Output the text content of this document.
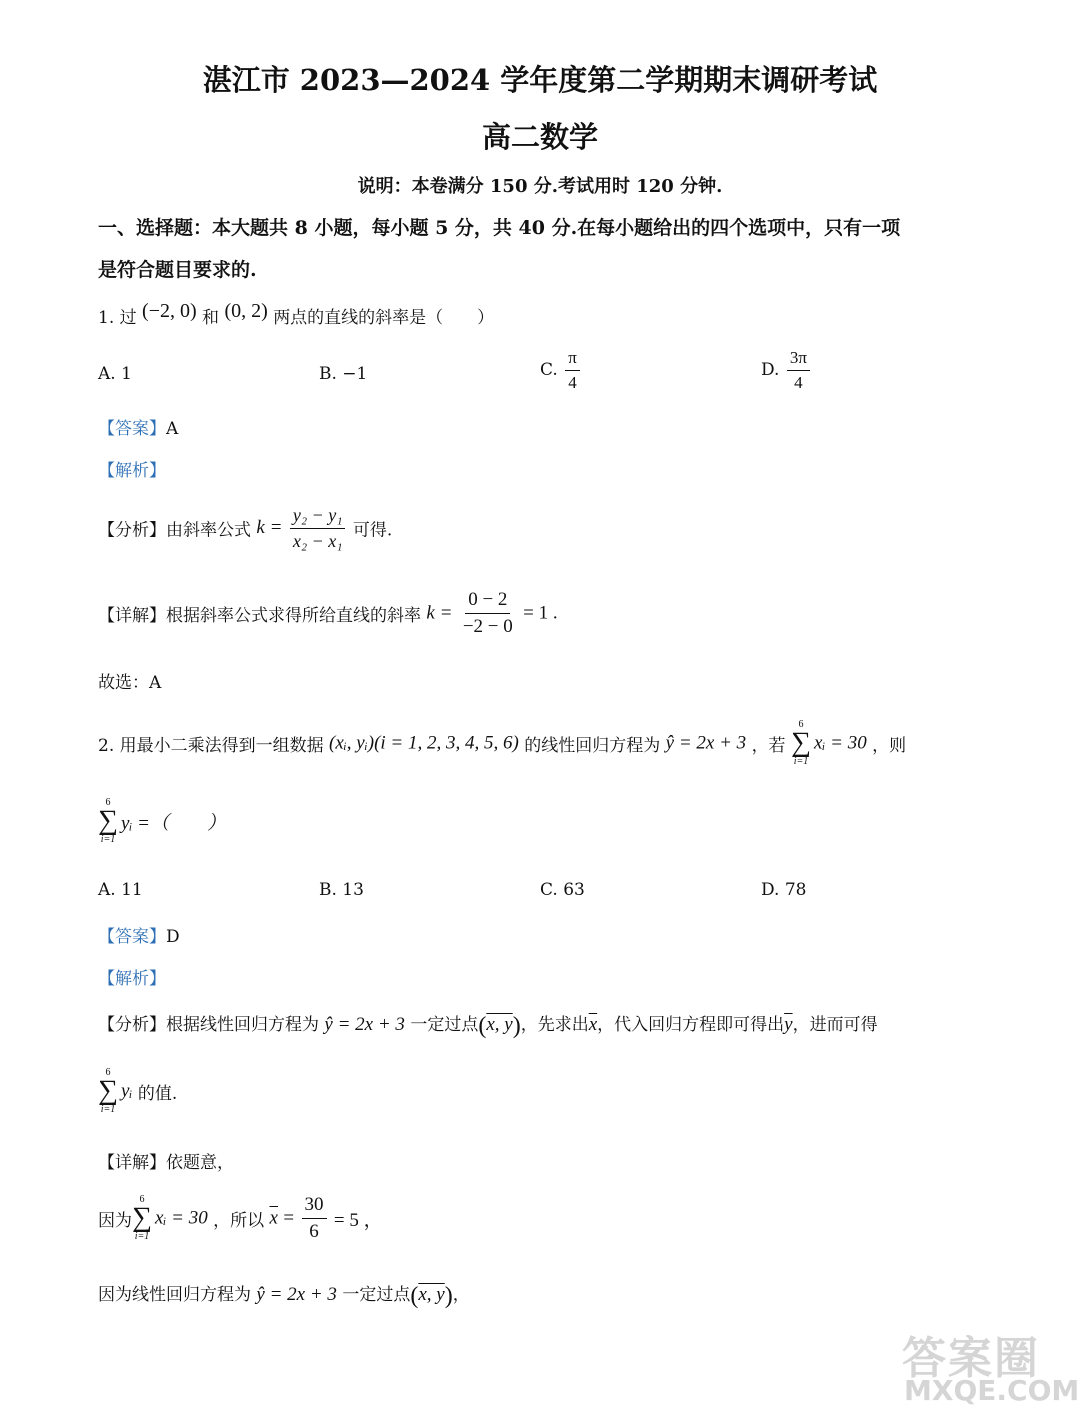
湛江市 2023—2024 学年度第二学期期末调研考试
高二数学
说明：本卷满分 150 分.考试用时 120 分钟.
一、选择题：本大题共 8 小题，每小题 5 分，共 40 分.在每小题给出的四个选项中，只有一项
是符合题目要求的.
1. 过 (−2, 0) 和 (0, 2) 两点的直线的斜率是（　　）
A. 1	B. −1	C. $\frac{\pi}{4}$	D. $\frac{3\pi}{4}$
【答案】A
【解析】
【分析】由斜率公式 $k = \frac{\text{y₂ − y₁}}{\text{x₂ − x₁}}$ 可得.
【详解】根据斜率公式求得所给直线的斜率 $k = \frac{0 - 2}{-2 - 0} = 1$ .
故选：A
2. 用最小二乘法得到一组数据 (xᵢ, yᵢ)(i = 1, 2, 3, 4, 5, 6) 的线性回归方程为 ŷ = 2x + 3 ，若
6
∑
i=1
xᵢ = 30 ，则
6
∑
i=1
yᵢ =（　　）
A. 11	B. 13	C. 63	D. 78
【答案】D
【解析】
【分析】根据线性回归方程为 ŷ = 2x + 3 一定过点(x, y)，先求出$\overline{x}$，代入回归方程即可得出$\overline{y}$，进而可得
6
∑
i=1
yᵢ 的值.
【详解】依题意，
因为
6
∑
i=1
xᵢ = 30 ，所以 $\overline{x} = \frac{30}{6} = 5$ ，
因为线性回归方程为 ŷ = 2x + 3 一定过点(x, y)，
答案圈
MXQE.COM
